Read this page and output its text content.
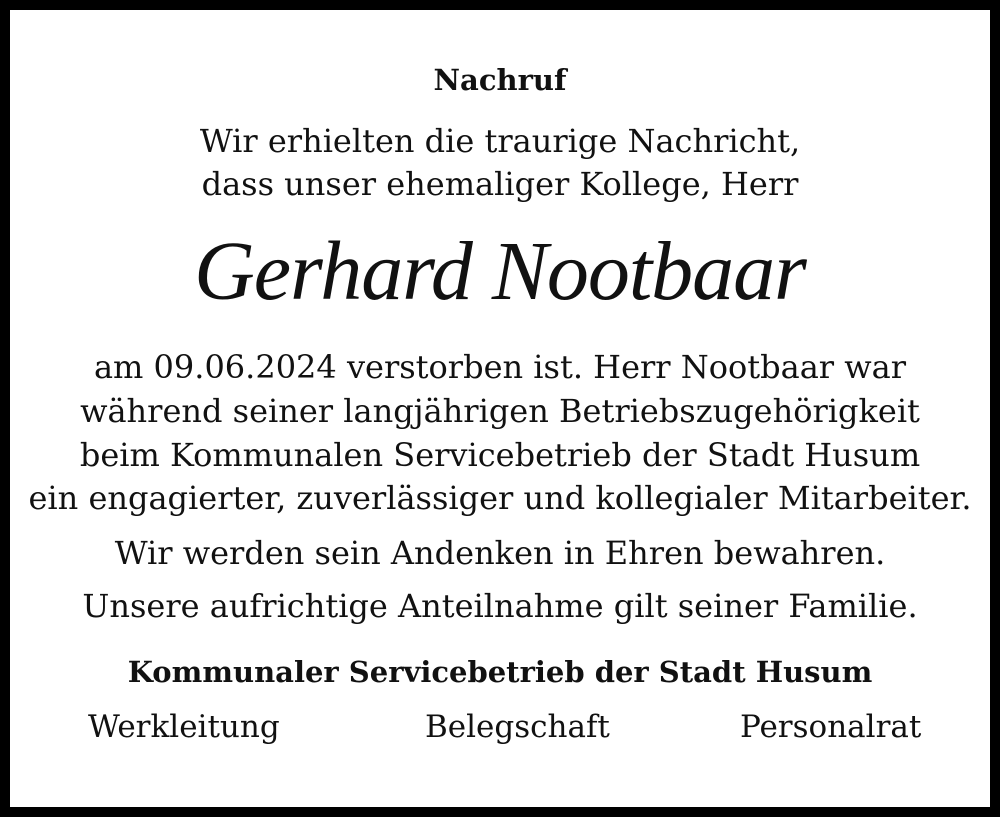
Nachruf
Wir erhielten die traurige Nachricht,
dass unser ehemaliger Kollege, Herr
Gerhard Nootbaar
am 09.06.2024 verstorben ist. Herr Nootbaar war
während seiner langjährigen Betriebszugehörigkeit
beim Kommunalen Servicebetrieb der Stadt Husum
ein engagierter, zuverlässiger und kollegialer Mitarbeiter.
Wir werden sein Andenken in Ehren bewahren.
Unsere aufrichtige Anteilnahme gilt seiner Familie.
Kommunaler Servicebetrieb der Stadt Husum
Werkleitung	Belegschaft	Personalrat
